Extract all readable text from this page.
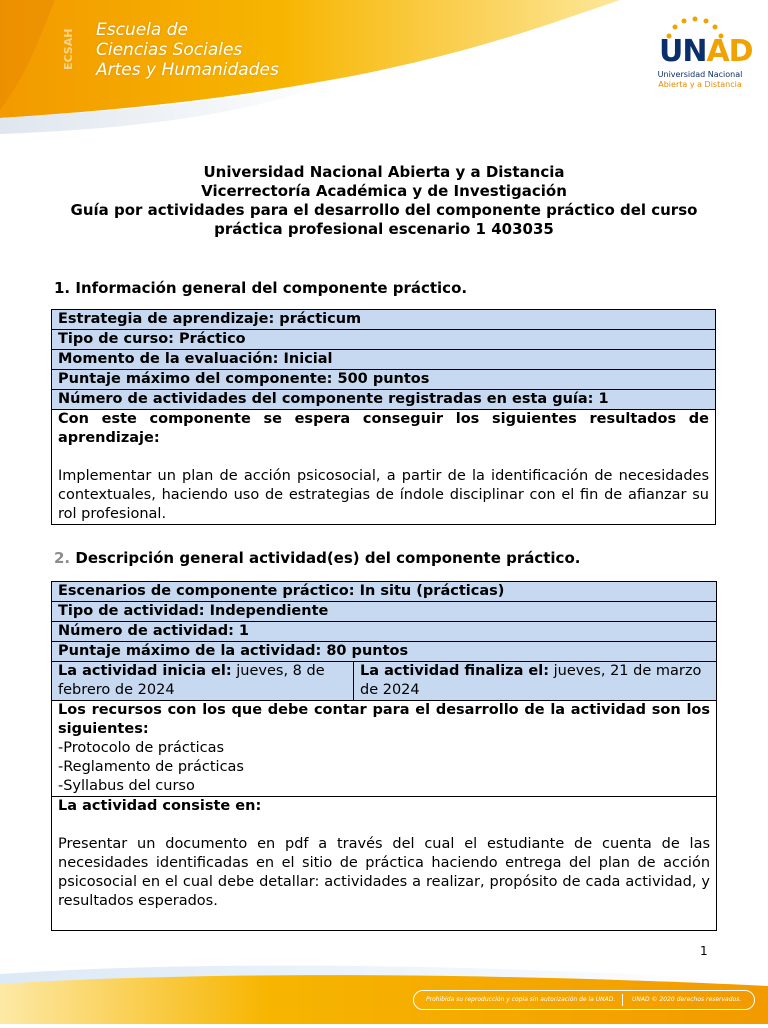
ECSAH	Escuela de
Ciencias Sociales
Artes y Humanidades
UNAD
Universidad Nacional
Abierta y a Distancia
Universidad Nacional Abierta y a Distancia
Vicerrectoría Académica y de Investigación
Guía por actividades para el desarrollo del componente práctico del curso
práctica profesional escenario 1 403035
1. Información general del componente práctico.
Estrategia de aprendizaje: prácticum
Tipo de curso: Práctico
Momento de la evaluación: Inicial
Puntaje máximo del componente: 500 puntos
Número de actividades del componente registradas en esta guía: 1

Con este componente se espera conseguir los siguientes resultados de aprendizaje:
Implementar un plan de acción psicosocial, a partir de la identificación de necesidades contextuales, haciendo uso de estrategias de índole disciplinar con el fin de afianzar su rol profesional.
2. Descripción general actividad(es) del componente práctico.
Escenarios de componente práctico: In situ (prácticas)
Tipo de actividad: Independiente
Número de actividad: 1
Puntaje máximo de la actividad: 80 puntos
La actividad inicia el: jueves, 8 de febrero de 2024	La actividad finaliza el: jueves, 21 de marzo de 2024

Los recursos con los que debe contar para el desarrollo de la actividad son los siguientes:
-Protocolo de prácticas
-Reglamento de prácticas
-Syllabus del curso

La actividad consiste en:
Presentar un documento en pdf a través del cual el estudiante de cuenta de las necesidades identificadas en el sitio de práctica haciendo entrega del plan de acción psicosocial en el cual debe detallar: actividades a realizar, propósito de cada actividad, y resultados esperados.
1
Prohibida su reproducción y copia sin autorización de la UNAD.	UNAD © 2020 derechos reservados.
